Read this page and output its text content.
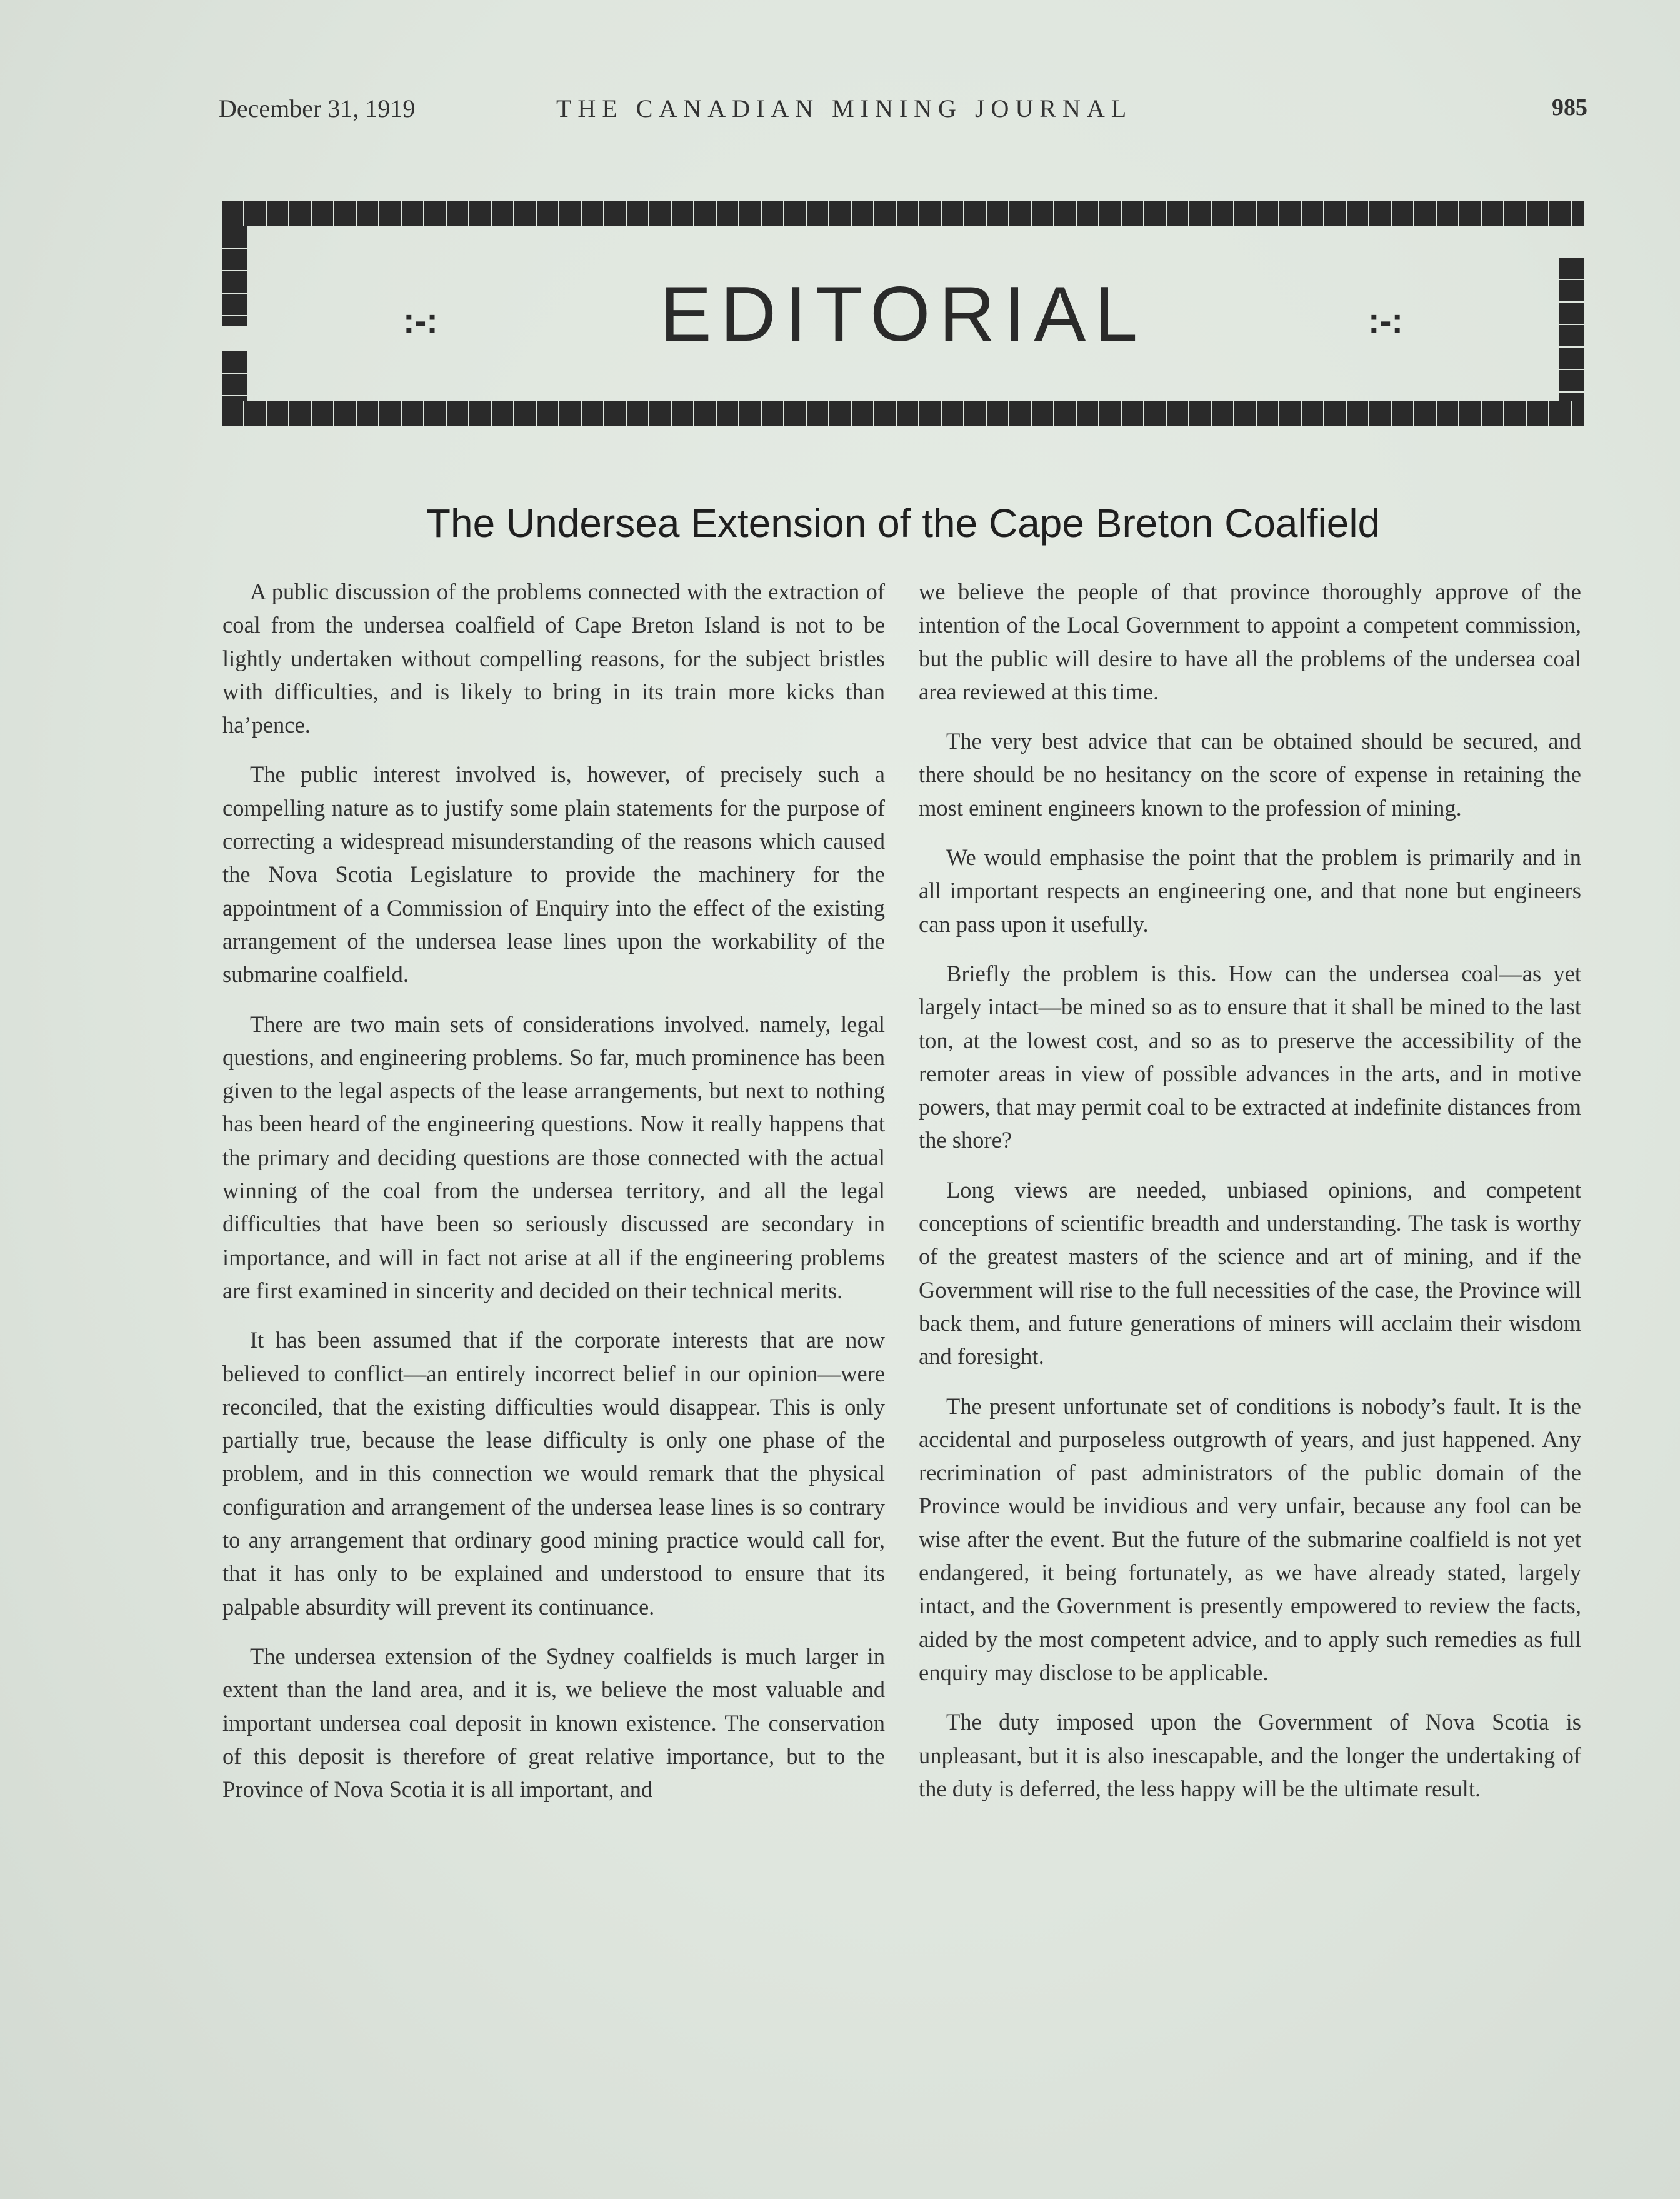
December 31, 1919	THE CANADIAN MINING JOURNAL	985
:-:	EDITORIAL	:-:
The Undersea Extension of the Cape Breton Coalfield

A public discussion of the problems connected with the extraction of coal from the undersea coalfield of Cape Breton Island is not to be lightly undertaken without compelling reasons, for the subject bristles with difficulties, and is likely to bring in its train more kicks than ha’pence.

The public interest involved is, however, of precisely such a compelling nature as to justify some plain statements for the purpose of correcting a widespread misunderstanding of the reasons which caused the Nova Scotia Legislature to provide the machinery for the appointment of a Commission of Enquiry into the effect of the existing arrangement of the undersea lease lines upon the workability of the submarine coalfield.

There are two main sets of considerations involved. namely, legal questions, and engineering problems. So far, much prominence has been given to the legal aspects of the lease arrangements, but next to nothing has been heard of the engineering questions. Now it really happens that the primary and deciding questions are those connected with the actual winning of the coal from the undersea territory, and all the legal difficulties that have been so seriously discussed are secondary in importance, and will in fact not arise at all if the engineering problems are first examined in sincerity and decided on their technical merits.

It has been assumed that if the corporate interests that are now believed to conflict—an entirely incorrect belief in our opinion—were reconciled, that the existing difficulties would disappear. This is only partially true, because the lease difficulty is only one phase of the problem, and in this connection we would remark that the physical configuration and arrangement of the undersea lease lines is so contrary to any arrangement that ordinary good mining practice would call for, that it has only to be explained and understood to ensure that its palpable absurdity will prevent its continuance.

The undersea extension of the Sydney coalfields is much larger in extent than the land area, and it is, we believe the most valuable and important undersea coal deposit in known existence. The conservation of this deposit is therefore of great relative importance, but to the Province of Nova Scotia it is all important, and

we believe the people of that province thoroughly approve of the intention of the Local Government to appoint a competent commission, but the public will desire to have all the problems of the undersea coal area reviewed at this time.

The very best advice that can be obtained should be secured, and there should be no hesitancy on the score of expense in retaining the most eminent engineers known to the profession of mining.

We would emphasise the point that the problem is primarily and in all important respects an engineering one, and that none but engineers can pass upon it usefully.

Briefly the problem is this. How can the undersea coal—as yet largely intact—be mined so as to ensure that it shall be mined to the last ton, at the lowest cost, and so as to preserve the accessibility of the remoter areas in view of possible advances in the arts, and in motive powers, that may permit coal to be extracted at indefinite distances from the shore?

Long views are needed, unbiased opinions, and competent conceptions of scientific breadth and understanding. The task is worthy of the greatest masters of the science and art of mining, and if the Government will rise to the full necessities of the case, the Province will back them, and future generations of miners will acclaim their wisdom and foresight.

The present unfortunate set of conditions is nobody’s fault. It is the accidental and purposeless outgrowth of years, and just happened. Any recrimination of past administrators of the public domain of the Province would be invidious and very unfair, because any fool can be wise after the event. But the future of the submarine coalfield is not yet endangered, it being fortunately, as we have already stated, largely intact, and the Government is presently empowered to review the facts, aided by the most competent advice, and to apply such remedies as full enquiry may disclose to be applicable.

The duty imposed upon the Government of Nova Scotia is unpleasant, but it is also inescapable, and the longer the undertaking of the duty is deferred, the less happy will be the ultimate result.
